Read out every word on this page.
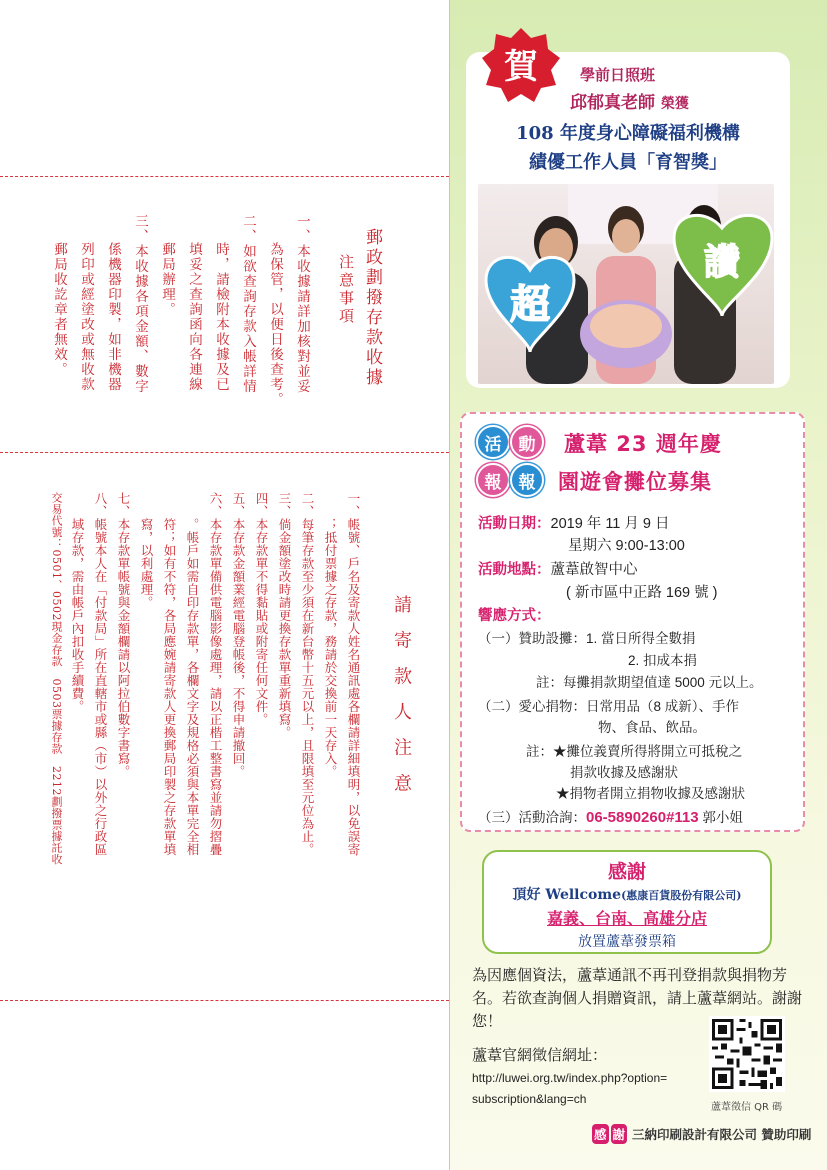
郵政劃撥存款收據
注意事項
一、本收據請詳加核對並妥
為保管，以便日後查考。
二、如欲查詢存款入帳詳情
時，請檢附本收據及已
填妥之查詢函向各連線
郵局辦理。
三、本收據各項金額、數字
係機器印製，如非機器
列印或經塗改或無收款
郵局收訖章者無效。
請 寄 款 人 注 意
一、帳號、戶名及寄款人姓名通訊處各欄請詳細填明，以免誤寄
；抵付票據之存款，務請於交換前一天存入。
二、每筆存款至少須在新台幣十五元以上，且限填至元位為止。
三、倘金額塗改時請更換存款單重新填寫。
四、本存款單不得黏貼或附寄任何文件。
五、本存款金額業經電腦登帳後，不得申請撤回。
六、本存款單備供電腦影像處理，請以正楷工整書寫並請勿摺疊
。帳戶如需自印存款單，各欄文字及規格必須與本單完全相
符；如有不符，各局應婉請寄款人更換郵局印製之存款單填
寫，以利處理。
七、本存款單帳號與金額欄請以阿拉伯數字書寫。
八、帳號本人在「付款局」所在直轄市或縣（市）以外之行政區
域存款，需由帳戶內扣收手續費。
交易代號：0501、0502現金存款　0503票據存款　2212劃撥票據託收
賀	學前日照班
邱郁真老師 榮獲
108 年度身心障礙福利機構
績優工作人員「育智獎」
超
讚
活	動
報	報
蘆葦 23 週年慶
園遊會攤位募集
活動日期：2019 年 11 月 9 日
星期六 9:00-13:00
活動地點：蘆葦啟智中心
( 新市區中正路 169 號 )
響應方式：
（一）贊助設攤：1. 當日所得全數捐
2. 扣成本捐
註：每攤捐款期望值達 5000 元以上。
（二）愛心捐物：日常用品（8 成新）、手作
物、食品、飲品。
註：★攤位義賣所得將開立可抵稅之
捐款收據及感謝狀
★捐物者開立捐物收據及感謝狀
（三）活動洽詢：06-5890260#113 郭小姐
感謝
頂好 Wellcome(惠康百貨股份有限公司)
嘉義、台南、高雄分店
放置蘆葦發票箱
為因應個資法，蘆葦通訊不再刊登捐款與捐物芳名。若欲查詢個人捐贈資訊，請上蘆葦網站。謝謝您！
蘆葦官網徵信網址：
http://luwei.org.tw/index.php?option=
subscription&lang=ch
蘆葦徵信 QR 碼
感 謝 三納印刷設計有限公司 贊助印刷
